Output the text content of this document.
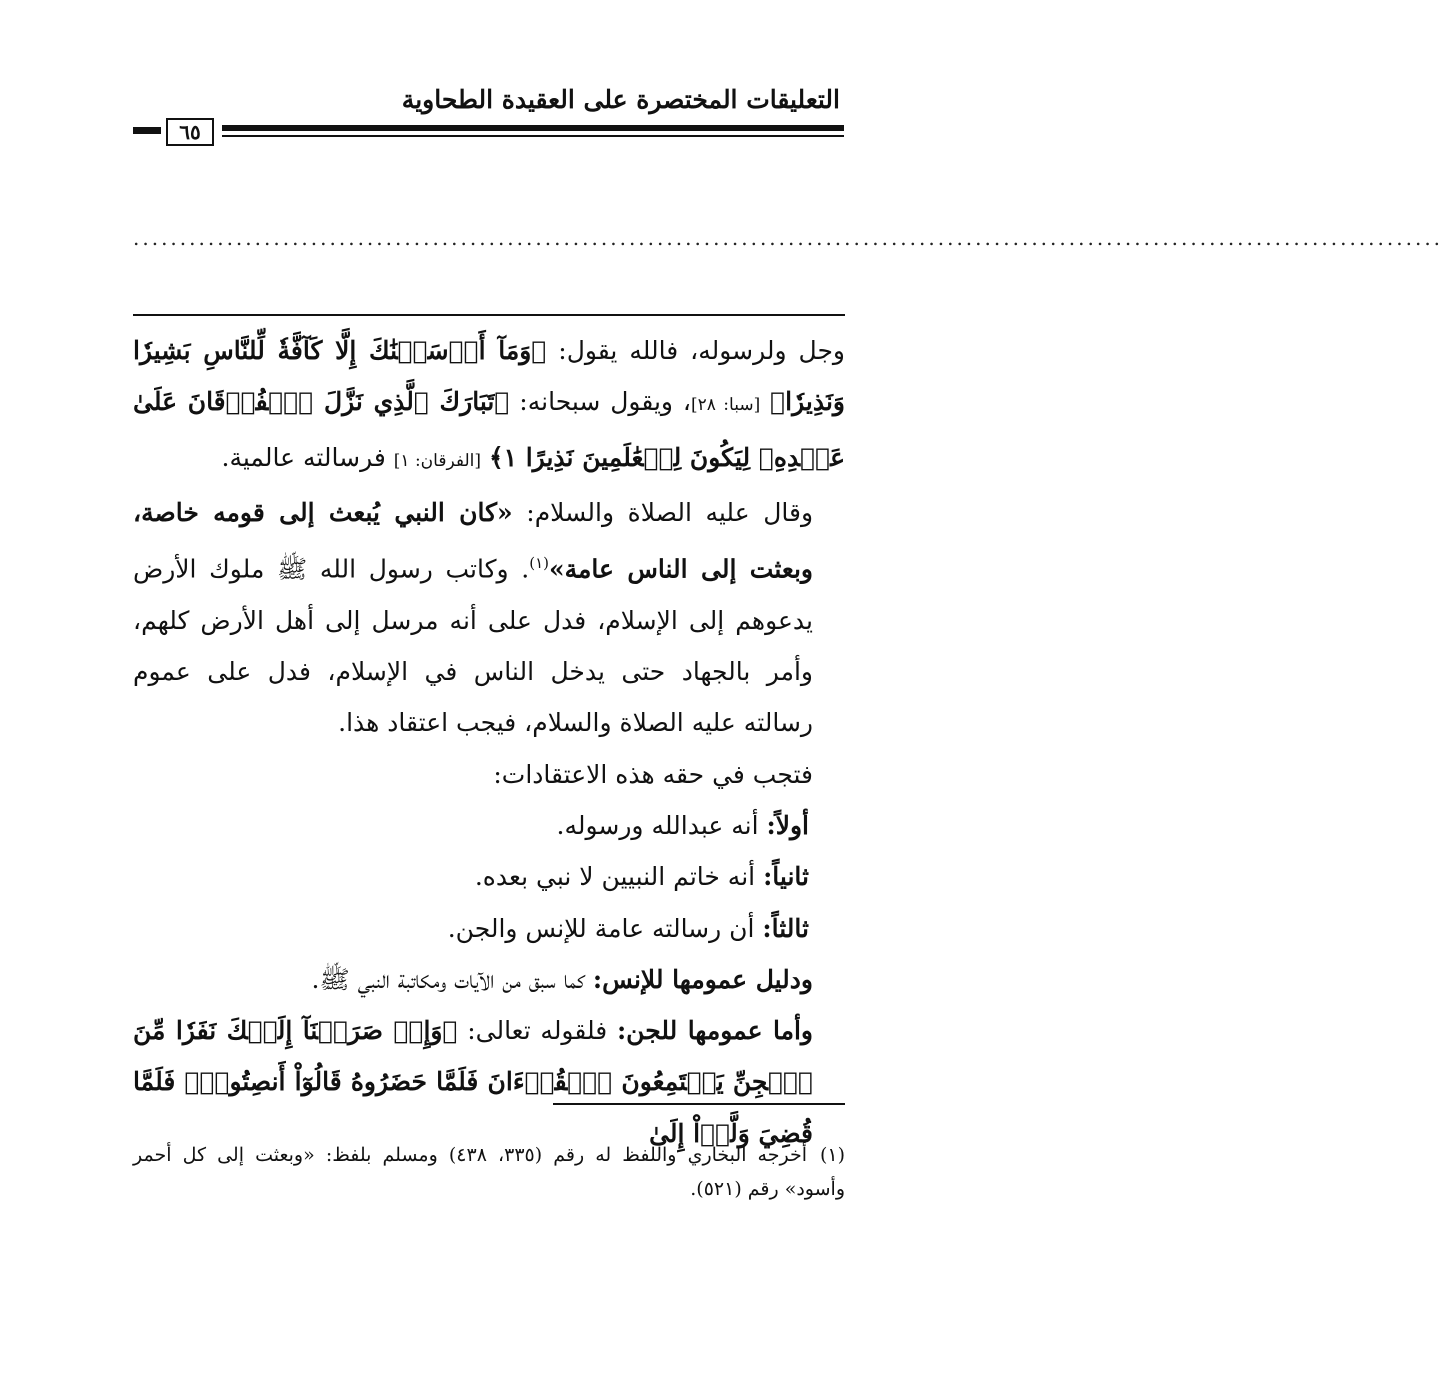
التعليقات المختصرة على العقيدة الطحاوية
٦٥
............................................................................................................................................

وجل ولرسوله، فالله يقول: ﴿وَمَآ أَرۡسَلۡنَٰكَ إِلَّا كَآفَّةٗ لِّلنَّاسِ بَشِيرٗا وَنَذِيرٗا﴾ [سبا: ٢٨]، ويقول سبحانه: ﴿تَبَارَكَ ٱلَّذِي نَزَّلَ ٱلۡفُرۡقَانَ عَلَىٰ عَبۡدِهِۦ لِيَكُونَ لِلۡعَٰلَمِينَ نَذِيرًا ١﴾ [الفرقان: ١] فرسالته عالمية.

وقال عليه الصلاة والسلام: «كان النبي يُبعث إلى قومه خاصة، وبعثت إلى الناس عامة»$^{(١)}$. وكاتب رسول الله ﷺ ملوك الأرض يدعوهم إلى الإسلام، فدل على أنه مرسل إلى أهل الأرض كلهم، وأمر بالجهاد حتى يدخل الناس في الإسلام، فدل على عموم رسالته عليه الصلاة والسلام، فيجب اعتقاد هذا.

فتجب في حقه هذه الاعتقادات:

أولاً: أنه عبدالله ورسوله.

ثانياً: أنه خاتم النبيين لا نبي بعده.

ثالثاً: أن رسالته عامة للإنس والجن.

ودليل عمومها للإنس: كما سبق من الآيات ومكاتبة النبي ﷺ.

وأما عمومها للجن: فلقوله تعالى: ﴿وَإِذۡ صَرَفۡنَآ إِلَيۡكَ نَفَرٗا مِّنَ ٱلۡجِنِّ يَسۡتَمِعُونَ ٱلۡقُرۡءَانَ فَلَمَّا حَضَرُوهُ قَالُوٓاْ أَنصِتُواْۖ فَلَمَّا قُضِيَ وَلَّوۡاْ إِلَىٰ

(١)أخرجه البخاري واللفظ له رقم (٣٣٥، ٤٣٨) ومسلم بلفظ: «وبعثت إلى كل أحمر وأسود» رقم (٥٢١).
